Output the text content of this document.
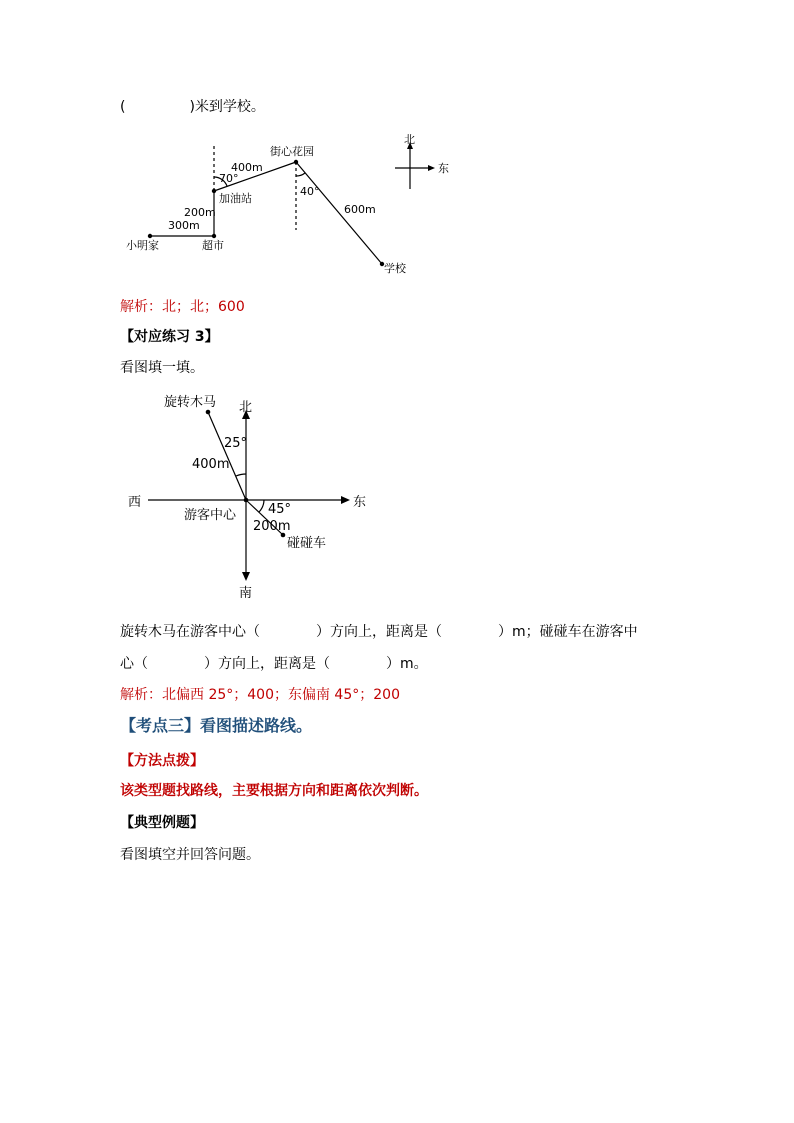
(	)米到学校。
小明家	超市
加油站
街心花园
学校
300m
200m
400m
600m
70°
40°
北
东
解析：北；北；600
【对应练习 3】
看图填一填。
北
南
西	东
旋转木马
游客中心
碰碰车
400m
200m
25°
45°
旋转木马在游客中心（	）方向上，距离是（	）m；碰碰车在游客中
心（	）方向上，距离是（	）m。
解析：北偏西 25°；400；东偏南 45°；200
【考点三】看图描述路线。
【方法点拨】
该类型题找路线，主要根据方向和距离依次判断。
【典型例题】
看图填空并回答问题。
